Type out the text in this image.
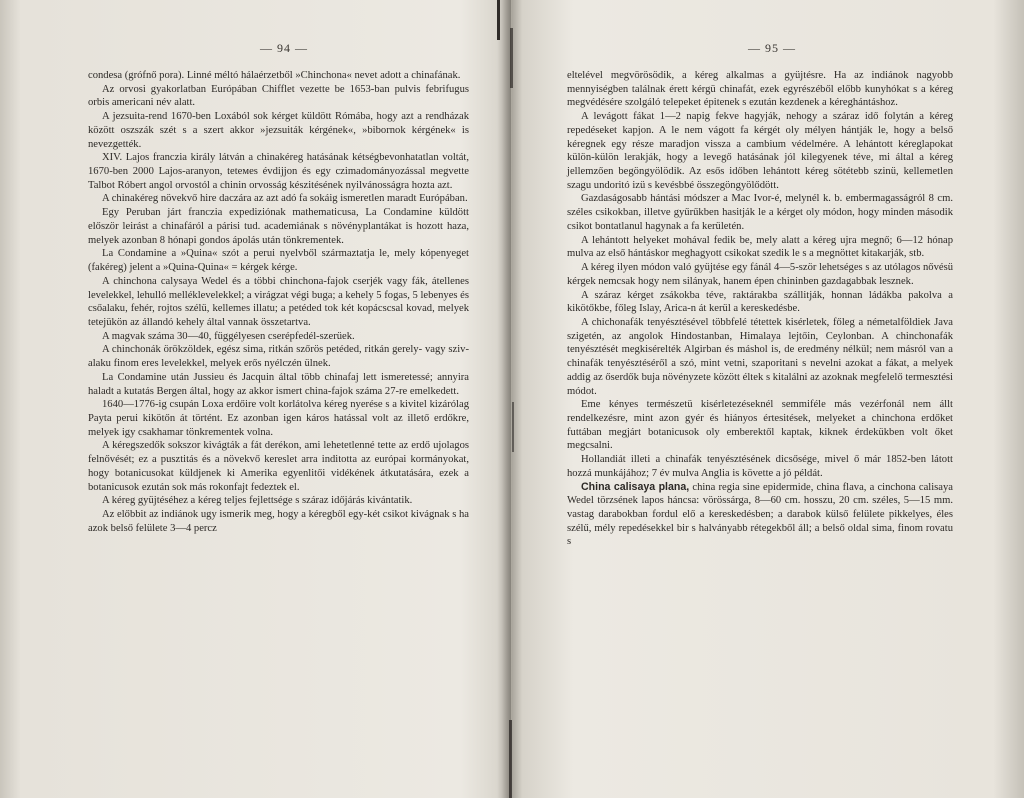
— 94 —

condesa (grófnő pora). Linné méltó hálaérzetből »Chinchona« nevet adott a chinafának.

Az orvosi gyakorlatban Európában Chifflet vezette be 1653-ban pulvis febrifugus orbis americani név alatt.

A jezsuita-rend 1670-ben Loxából sok kérget küldött Rómába, hogy azt a rendházak között oszszák szét s a szert akkor »jezsuiták kérgének«, »bibornok kérgének« is nevezgették.

XIV. Lajos franczia király látván a chinakéreg hatásának kétségbevonhatatlan voltát, 1670-ben 2000 Lajos-aranyon, teteмes évdijjon és egy czimadományozással megvette Talbot Róbert angol orvostól a chinin orvosság készitésének nyilvánosságra hozta azt.

A chinakéreg növekvő hire daczára az azt adó fa sokáig ismeretlen maradt Európában.

Egy Peruban járt franczia expediziónak mathematicusa, La Condamine küldött először leirást a chinafáról a párisi tud. academiának s növénуplantákat is hozott haza, melyek azonban 8 hónapi gondos ápolás után tönkrementek.

La Condamine a »Quina« szót a perui nyelvből származtatja le, mely kópenyeget (fakéreg) jelent a »Quina-Quina« = kérgek kérge.

A chinchona calysaya Wedel és a többi chinchona-fajok cserjék vagy fák, átellenes levelekkel, lehulló melléklevelekkel; a virágzat végi buga; a kehely 5 fogas, 5 lebenyes és csőalaku, fehér, rojtos szélü, kellemes illatu; a petéded tok két kopácscsal kovad, melyek tetejükön az állandó kehely által vannak összetartva.

A magvak száma 30—40, függélyesen cserépfedél-szerüek.

A chinchonák örökzöldek, egész sima, ritkán szőrös petéded, ritkán gerely- vagy sziv-alaku finom eres levelekkel, melyek erős nyélczén ülnek.

La Condamine után Jussieu és Jacquin által több chinafaj lett ismeretessé; annyira haladt a kutatás Bergen által, hogy az akkor ismert china-fajok száma 27-re emelkedett.

1640—1776-ig csupán Loxa erdőire volt korlátolva kéreg nyerése s a kivitel kizárólag Payta perui kikötőn át történt. Ez azonban igen káros hatással volt az illető erdőkre, melyek igy csakhamar tönkrementek volna.

A kéregszedők sokszor kivágták a fát derékon, ami lehetetlenné tette az erdő ujolagos felnővését; ez a pusztitás és a növekvő kereslet arra inditotta az európai kormányokat, hogy botanicusokat küldjenek ki Amerika egyenlitői vidékének átkutatására, ezek a botanicusok ezután sok más rokonfajt fedeztek el.

A kéreg gyüjtéséhez a kéreg teljes fejlettsége s száraz időjárás kivántatik.

Az előbbit az indiánok ugy ismerik meg, hogy a kéregből egy-két csikot kivágnak s ha azok belső felülete 3—4 percz

— 95 —

eltelével megvörösödik, a kéreg alkalmas a gyüjtésre. Ha az indiánok nagyobb mennyiségben találnak érett kérgü chinafát, ezek egyrészéből előbb kunyhókat s a kéreg megvédésére szolgáló telepeket épitenek s ezután kezdenek a kéreghántáshoz.

A levágott fákat 1—2 napig fekve hagyják, nehogy a száraz idő folytán a kéreg repedéseket kapjon. A le nem vágott fa kérgét oly mélyen hántják le, hogy a belső kéregnek egy része maradjon vissza a cambium védelmére. A lehántott kéreglapokat külön-külön lerakják, hogy a levegő hatásának jól kilegyenek téve, mi által a kéreg jellemzően begöngyölödik. Az esős időben lehántott kéreg sötétebb szinü, kellemetlen szagu undoritó izü s kevésbbé összegöngyölődött.

Gazdaságosabb hántási módszer a Mac Ivor-é, melynél k. b. embermagasságról 8 cm. széles csikokban, illetve gyűrűkben hasitják le a kérget oly módon, hogy minden második csikot bontatlanul hagynak a fa kerületén.

A lehántott helyeket mohával fedik be, mely alatt a kéreg ujra megnő; 6—12 hónap mulva az első hántáskor meghagyott csikokat szedik le s a megnöttet kitakarják, stb.

A kéreg ilyen módon való gyüjtése egy fánál 4—5-ször lehetséges s az utólagos nővésü kérgek nemcsak hogy nem silányak, hanem épen chininben gazdagabbak lesznek.

A száraz kérget zsákokba téve, raktárakba szállitják, honnan ládákba pakolva a kikötőkbe, főleg Islay, Arica-n át kerül a kereskedésbe.

A chichonafák tenyésztésével többfelé tétettek kisérletek, főleg a németalföldiek Java szigetén, az angolok Hindostanban, Himalaya lejtőin, Ceylonban. A chinchonafák tenyésztését megkisérelték Algirban és máshol is, de eredmény nélkül; nem másról van a chinafák tenyésztéséről a szó, mint vetni, szaporitani s nevelni azokat a fákat, a melyek addig az őserdők buja növényzete között éltek s kitalálni az azoknak megfelelő termesztési módot.

Eme kényes természetü kisérletezéseknél semmiféle más vezérfonál nem állt rendelkezésre, mint azon gyér és hiányos értesitések, melyeket a chinchona erdőket futtában megjárt botanicusok oly emberektől kaptak, kiknek érdekükben volt őket megcsalni.

Hollandiát illeti a chinafák tenyésztésének dicsősége, mivel ő már 1852-ben látott hozzá munkájához; 7 év mulva Anglia is követte a jó példát.

China calisaya plana, china regia sine epidermide, china flava, a cinchona calisaya Wedel törzsének lapos háncsa: vörössárga, 8—60 cm. hosszu, 20 cm. széles, 5—15 mm. vastag darabokban fordul elő a kereskedésben; a darabok külső felülete pikkelyes, éles szélű, mély repedésekkel bir s halványabb rétegekből áll; a belső oldal sima, finom rovatu s
